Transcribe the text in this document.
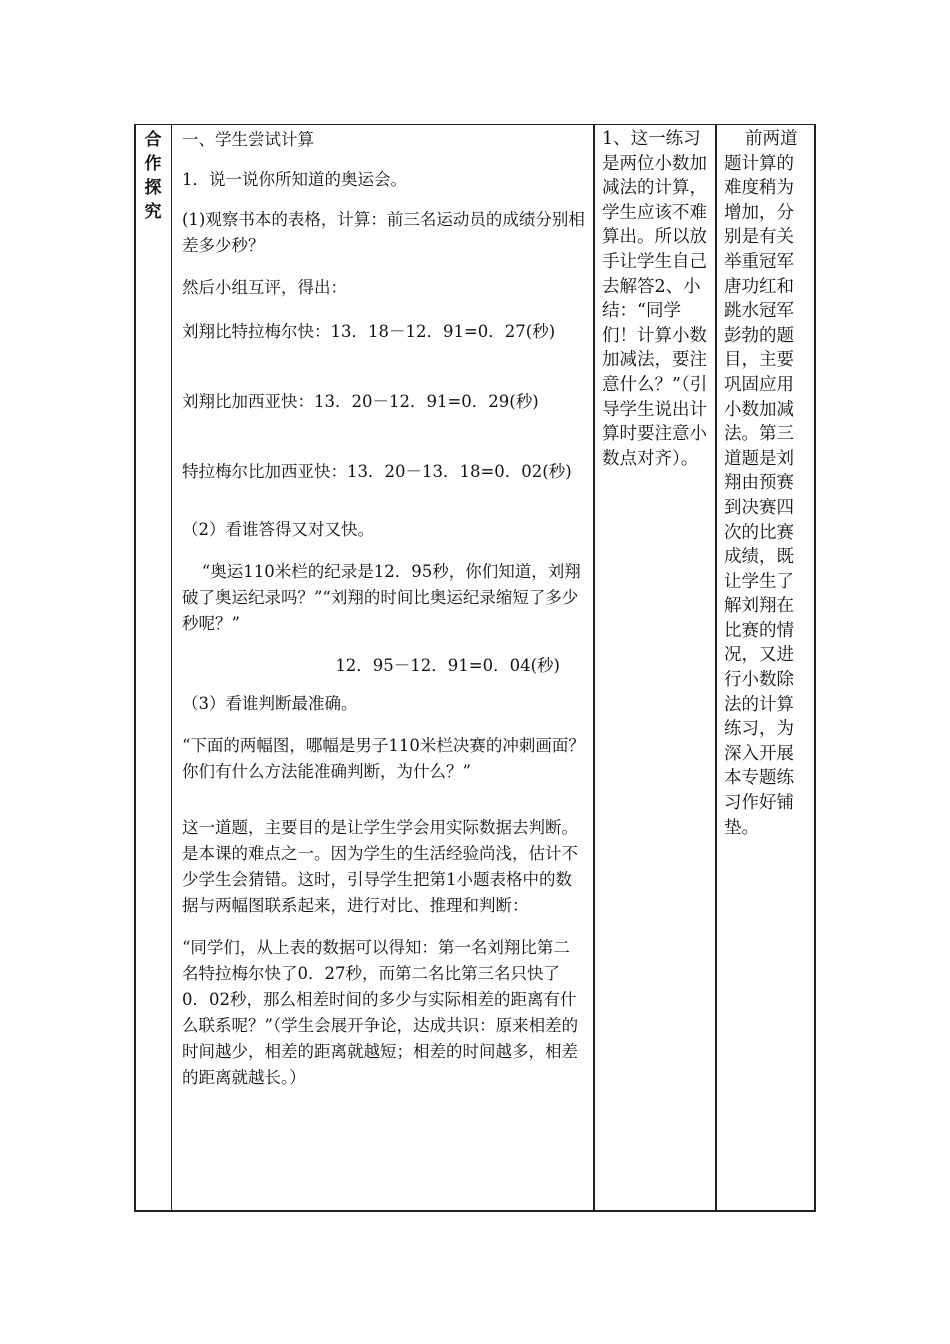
合
作
探
究

一、学生尝试计算

1．说一说你所知道的奥运会。

(1)观察书本的表格，计算：前三名运动员的成绩分别相差多少秒？

然后小组互评，得出：

刘翔比特拉梅尔快：13．18－12．91=0．27(秒)

刘翔比加西亚快：13．20－12．91=0．29(秒)

特拉梅尔比加西亚快：13．20－13．18=0．02(秒)

（2）看谁答得又对又快。

“奥运110米栏的纪录是12．95秒，你们知道，刘翔破了奥运纪录吗？”“刘翔的时间比奥运纪录缩短了多少秒呢？”

12．95－12．91=0．04(秒)

（3）看谁判断最准确。

“下面的两幅图，哪幅是男子110米栏决赛的冲刺画面？你们有什么方法能准确判断，为什么？”

这一道题，主要目的是让学生学会用实际数据去判断。是本课的难点之一。因为学生的生活经验尚浅，估计不少学生会猜错。这时，引导学生把第1小题表格中的数据与两幅图联系起来，进行对比、推理和判断：

“同学们，从上表的数据可以得知：第一名刘翔比第二名特拉梅尔快了0．27秒，而第二名比第三名只快了0．02秒，那么相差时间的多少与实际相差的距离有什么联系呢？”（学生会展开争论，达成共识：原来相差的时间越少，相差的距离就越短；相差的时间越多，相差的距离就越长。）

1、这一练习是两位小数加减法的计算，学生应该不难算出。所以放手让学生自己去解答2、小结：“同学们！计算小数加减法，要注意什么？”（引导学生说出计算时要注意小数点对齐）。

前两道题计算的难度稍为增加，分别是有关举重冠军唐功红和跳水冠军彭勃的题目，主要巩固应用小数加减法。第三道题是刘翔由预赛到决赛四次的比赛成绩，既让学生了解刘翔在比赛的情况，又进行小数除法的计算练习，为深入开展本专题练习作好铺垫。
